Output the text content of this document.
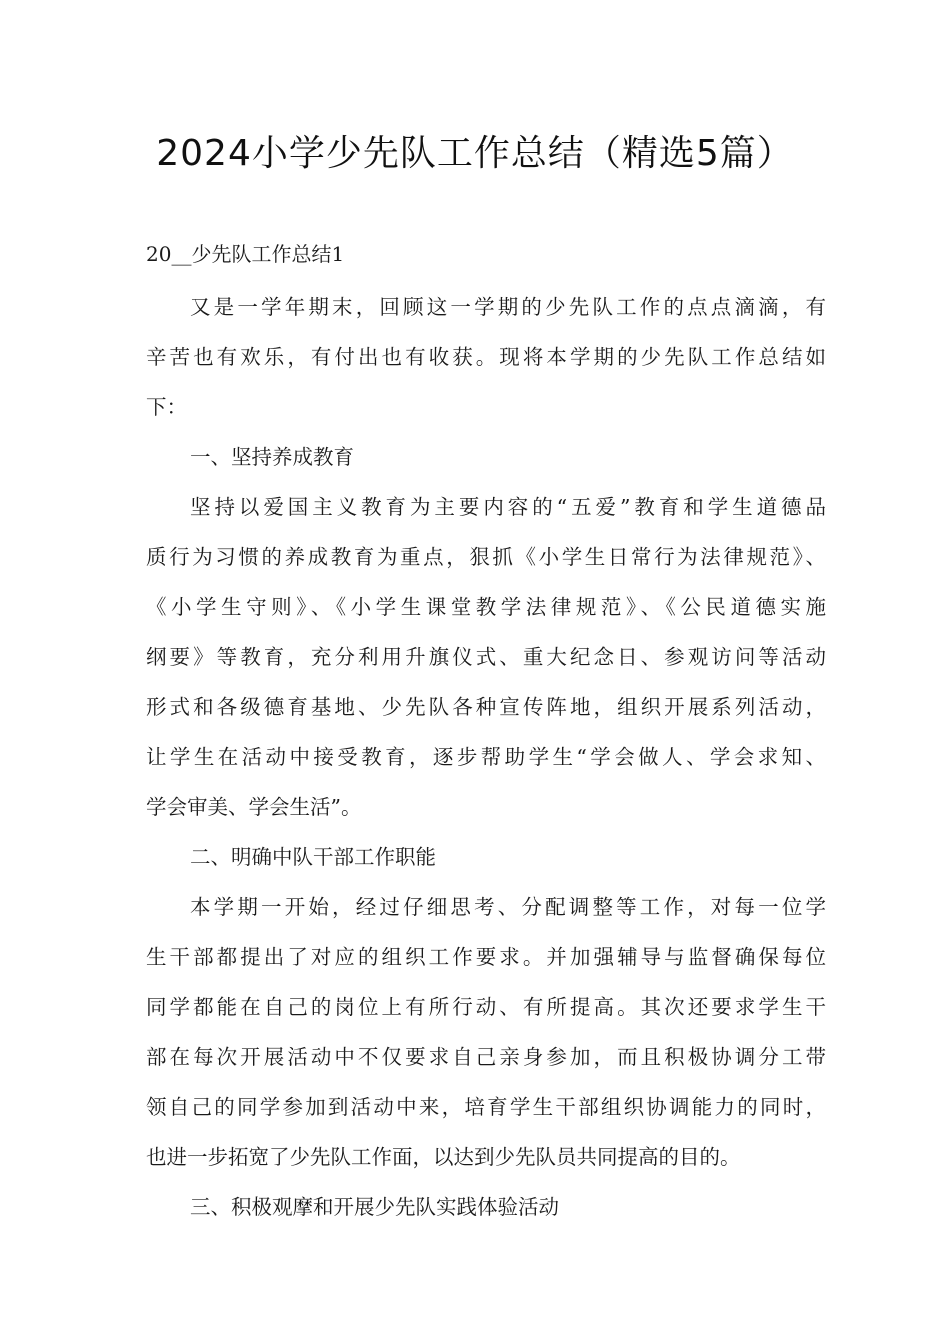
2024小学少先队工作总结（精选5篇）
20__少先队工作总结1
又是一学年期末，回顾这一学期的少先队工作的点点滴滴，有
辛苦也有欢乐，有付出也有收获。现将本学期的少先队工作总结如
下：
一、坚持养成教育
坚持以爱国主义教育为主要内容的“五爱”教育和学生道德品
质行为习惯的养成教育为重点，狠抓《小学生日常行为法律规范》、
《小学生守则》、《小学生课堂教学法律规范》、《公民道德实施
纲要》等教育，充分利用升旗仪式、重大纪念日、参观访问等活动
形式和各级德育基地、少先队各种宣传阵地，组织开展系列活动，
让学生在活动中接受教育，逐步帮助学生“学会做人、学会求知、
学会审美、学会生活”。
二、明确中队干部工作职能
本学期一开始，经过仔细思考、分配调整等工作，对每一位学
生干部都提出了对应的组织工作要求。并加强辅导与监督确保每位
同学都能在自己的岗位上有所行动、有所提高。其次还要求学生干
部在每次开展活动中不仅要求自己亲身参加，而且积极协调分工带
领自己的同学参加到活动中来，培育学生干部组织协调能力的同时，
也进一步拓宽了少先队工作面，以达到少先队员共同提高的目的。
三、积极观摩和开展少先队实践体验活动
